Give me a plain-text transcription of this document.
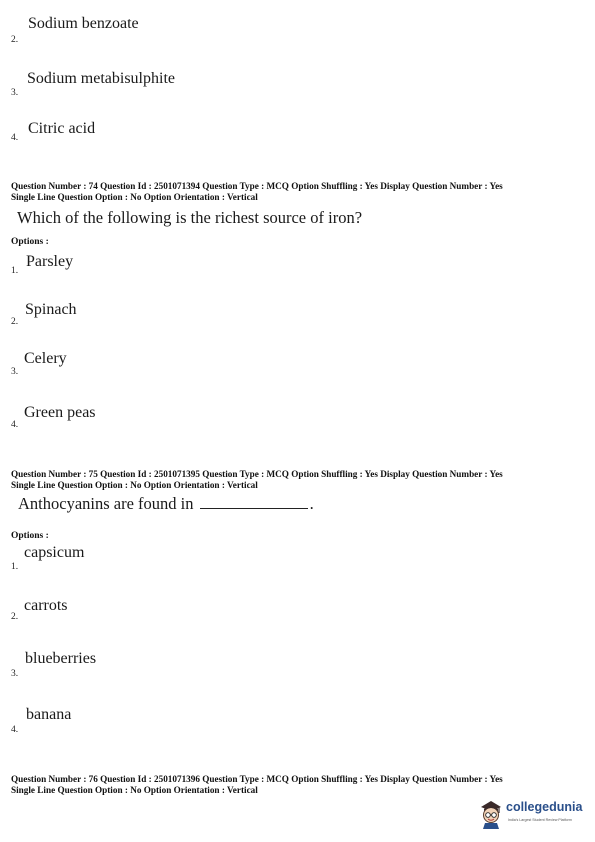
Sodium benzoate
2.
Sodium metabisulphite
3.
Citric acid
4.
Question Number : 74 Question Id : 2501071394 Question Type : MCQ Option Shuffling : Yes Display Question Number : Yes
Single Line Question Option : No Option Orientation : Vertical
Which of the following is the richest source of iron?
Options :
Parsley
1.
Spinach
2.
Celery
3.
Green peas
4.
Question Number : 75 Question Id : 2501071395 Question Type : MCQ Option Shuffling : Yes Display Question Number : Yes
Single Line Question Option : No Option Orientation : Vertical
Anthocyanins are found in	.
Options :
capsicum
1.
carrots
2.
blueberries
3.
banana
4.
Question Number : 76 Question Id : 2501071396 Question Type : MCQ Option Shuffling : Yes Display Question Number : Yes
Single Line Question Option : No Option Orientation : Vertical
collegedunia
India's Largest Student Review Platform
